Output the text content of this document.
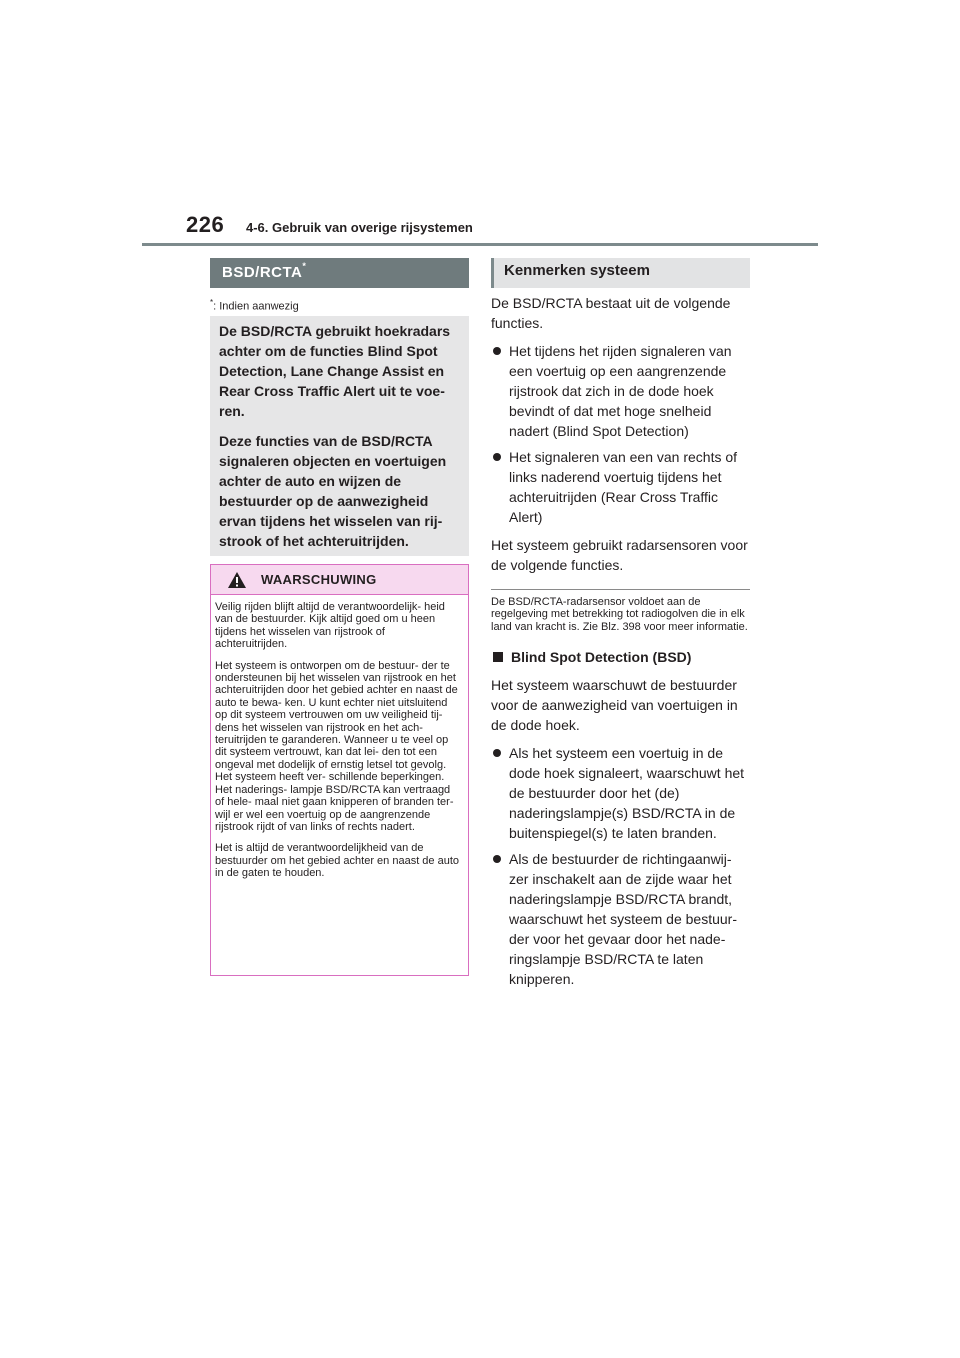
226 4-6. Gebruik van overige rijsystemen
BSD/RCTA*
*: Indien aanwezig

De BSD/RCTA gebruikt hoekradars achter om de functies Blind Spot Detection, Lane Change Assist en Rear Cross Traffic Alert uit te voe- ren.

Deze functies van de BSD/RCTA signaleren objecten en voertuigen achter de auto en wijzen de bestuurder op de aanwezigheid ervan tijdens het wisselen van rij- strook of het achteruitrijden.

WAARSCHUWING

Veilig rijden blijft altijd de verantwoordelijk- heid van de bestuurder. Kijk altijd goed om u heen tijdens het wisselen van rijstrook of achteruitrijden.

Het systeem is ontworpen om de bestuur- der te ondersteunen bij het wisselen van rijstrook en het achteruitrijden door het gebied achter en naast de auto te bewa- ken. U kunt echter niet uitsluitend op dit systeem vertrouwen om uw veiligheid tij- dens het wisselen van rijstrook en het ach- teruitrijden te garanderen. Wanneer u te veel op dit systeem vertrouwt, kan dat lei- den tot een ongeval met dodelijk of ernstig letsel tot gevolg. Het systeem heeft ver- schillende beperkingen. Het naderings- lampje BSD/RCTA kan vertraagd of hele- maal niet gaan knipperen of branden ter- wijl er wel een voertuig op de aangrenzende rijstrook rijdt of van links of rechts nadert.

Het is altijd de verantwoordelijkheid van de bestuurder om het gebied achter en naast de auto in de gaten te houden.

Kenmerken systeem

De BSD/RCTA bestaat uit de volgende functies.

Het tijdens het rijden signaleren van een voertuig op een aangrenzende rijstrook dat zich in de dode hoek bevindt of dat met hoge snelheid nadert (Blind Spot Detection)
Het signaleren van een van rechts of links naderend voertuig tijdens het achteruitrijden (Rear Cross Traffic Alert)

Het systeem gebruikt radarsensoren voor de volgende functies.

De BSD/RCTA-radarsensor voldoet aan de regelgeving met betrekking tot radiogolven die in elk land van kracht is. Zie Blz. 398 voor meer informatie.

Blind Spot Detection (BSD)

Het systeem waarschuwt de bestuurder voor de aanwezigheid van voertuigen in de dode hoek.

Als het systeem een voertuig in de dode hoek signaleert, waarschuwt het de bestuurder door het (de) naderingslampje(s) BSD/RCTA in de buitenspiegel(s) te laten branden.
Als de bestuurder de richtingaanwij- zer inschakelt aan de zijde waar het naderingslampje BSD/RCTA brandt, waarschuwt het systeem de bestuur- der voor het gevaar door het nade- ringslampje BSD/RCTA te laten knipperen.
